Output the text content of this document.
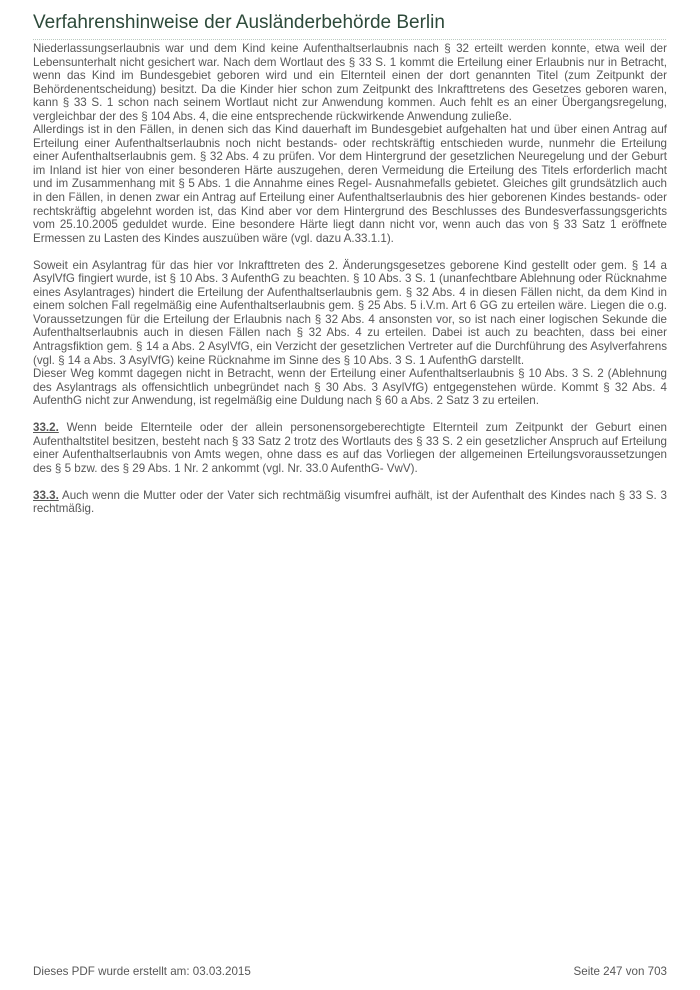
Verfahrenshinweise der Ausländerbehörde Berlin

Niederlassungserlaubnis war und dem Kind keine Aufenthaltserlaubnis nach § 32 erteilt werden konnte, etwa weil der Lebensunterhalt nicht gesichert war. Nach dem Wortlaut des § 33 S. 1 kommt die Erteilung einer Erlaubnis nur in Betracht, wenn das Kind im Bundesgebiet geboren wird und ein Elternteil einen der dort genannten Titel (zum Zeitpunkt der Behördenentscheidung) besitzt. Da die Kinder hier schon zum Zeitpunkt des Inkrafttretens des Gesetzes geboren waren, kann § 33 S. 1 schon nach seinem Wortlaut nicht zur Anwendung kommen. Auch fehlt es an einer Übergangsregelung, vergleichbar der des § 104 Abs. 4, die eine entsprechende rückwirkende Anwendung zuließe.

Allerdings ist in den Fällen, in denen sich das Kind dauerhaft im Bundesgebiet aufgehalten hat und über einen Antrag auf Erteilung einer Aufenthaltserlaubnis noch nicht bestands- oder rechtskräftig entschieden wurde, nunmehr die Erteilung einer Aufenthaltserlaubnis gem. § 32 Abs. 4 zu prüfen. Vor dem Hintergrund der gesetzlichen Neuregelung und der Geburt im Inland ist hier von einer besonderen Härte auszugehen, deren Vermeidung die Erteilung des Titels erforderlich macht und im Zusammenhang mit § 5 Abs. 1 die Annahme eines Regel- Ausnahmefalls gebietet. Gleiches gilt grundsätzlich auch in den Fällen, in denen zwar ein Antrag auf Erteilung einer Aufenthaltserlaubnis des hier geborenen Kindes bestands- oder rechtskräftig abgelehnt worden ist, das Kind aber vor dem Hintergrund des Beschlusses des Bundesverfassungsgerichts vom 25.10.2005 geduldet wurde. Eine besondere Härte liegt dann nicht vor, wenn auch das von § 33 Satz 1 eröffnete Ermessen zu Lasten des Kindes auszuüben wäre (vgl. dazu A.33.1.1).

Soweit ein Asylantrag für das hier vor Inkrafttreten des 2. Änderungsgesetzes geborene Kind gestellt oder gem. § 14 a AsylVfG fingiert wurde, ist § 10 Abs. 3 AufenthG zu beachten. § 10 Abs. 3 S. 1 (unanfechtbare Ablehnung oder Rücknahme eines Asylantrages) hindert die Erteilung der Aufenthaltserlaubnis gem. § 32 Abs. 4 in diesen Fällen nicht, da dem Kind in einem solchen Fall regelmäßig eine Aufenthaltserlaubnis gem. § 25 Abs. 5 i.V.m. Art 6 GG zu erteilen wäre. Liegen die o.g. Voraussetzungen für die Erteilung der Erlaubnis nach § 32 Abs. 4 ansonsten vor, so ist nach einer logischen Sekunde die Aufenthaltserlaubnis auch in diesen Fällen nach § 32 Abs. 4 zu erteilen. Dabei ist auch zu beachten, dass bei einer Antragsfiktion gem. § 14 a Abs. 2 AsylVfG, ein Verzicht der gesetzlichen Vertreter auf die Durchführung des Asylverfahrens (vgl. § 14 a Abs. 3 AsylVfG) keine Rücknahme im Sinne des § 10 Abs. 3 S. 1 AufenthG darstellt.

Dieser Weg kommt dagegen nicht in Betracht, wenn der Erteilung einer Aufenthaltserlaubnis § 10 Abs. 3 S. 2 (Ablehnung des Asylantrags als offensichtlich unbegründet nach § 30 Abs. 3 AsylVfG) entgegenstehen würde. Kommt § 32 Abs. 4 AufenthG nicht zur Anwendung, ist regelmäßig eine Duldung nach § 60 a Abs. 2 Satz 3 zu erteilen.

33.2. Wenn beide Elternteile oder der allein personensorgeberechtigte Elternteil zum Zeitpunkt der Geburt einen Aufenthaltstitel besitzen, besteht nach § 33 Satz 2 trotz des Wortlauts des § 33 S. 2 ein gesetzlicher Anspruch auf Erteilung einer Aufenthaltserlaubnis von Amts wegen, ohne dass es auf das Vorliegen der allgemeinen Erteilungsvoraussetzungen des § 5 bzw. des § 29 Abs. 1 Nr. 2 ankommt (vgl. Nr. 33.0 AufenthG- VwV).

33.3. Auch wenn die Mutter oder der Vater sich rechtmäßig visumfrei aufhält, ist der Aufenthalt des Kindes nach § 33 S. 3 rechtmäßig.

Dieses PDF wurde erstellt am: 03.03.2015	Seite 247 von 703
